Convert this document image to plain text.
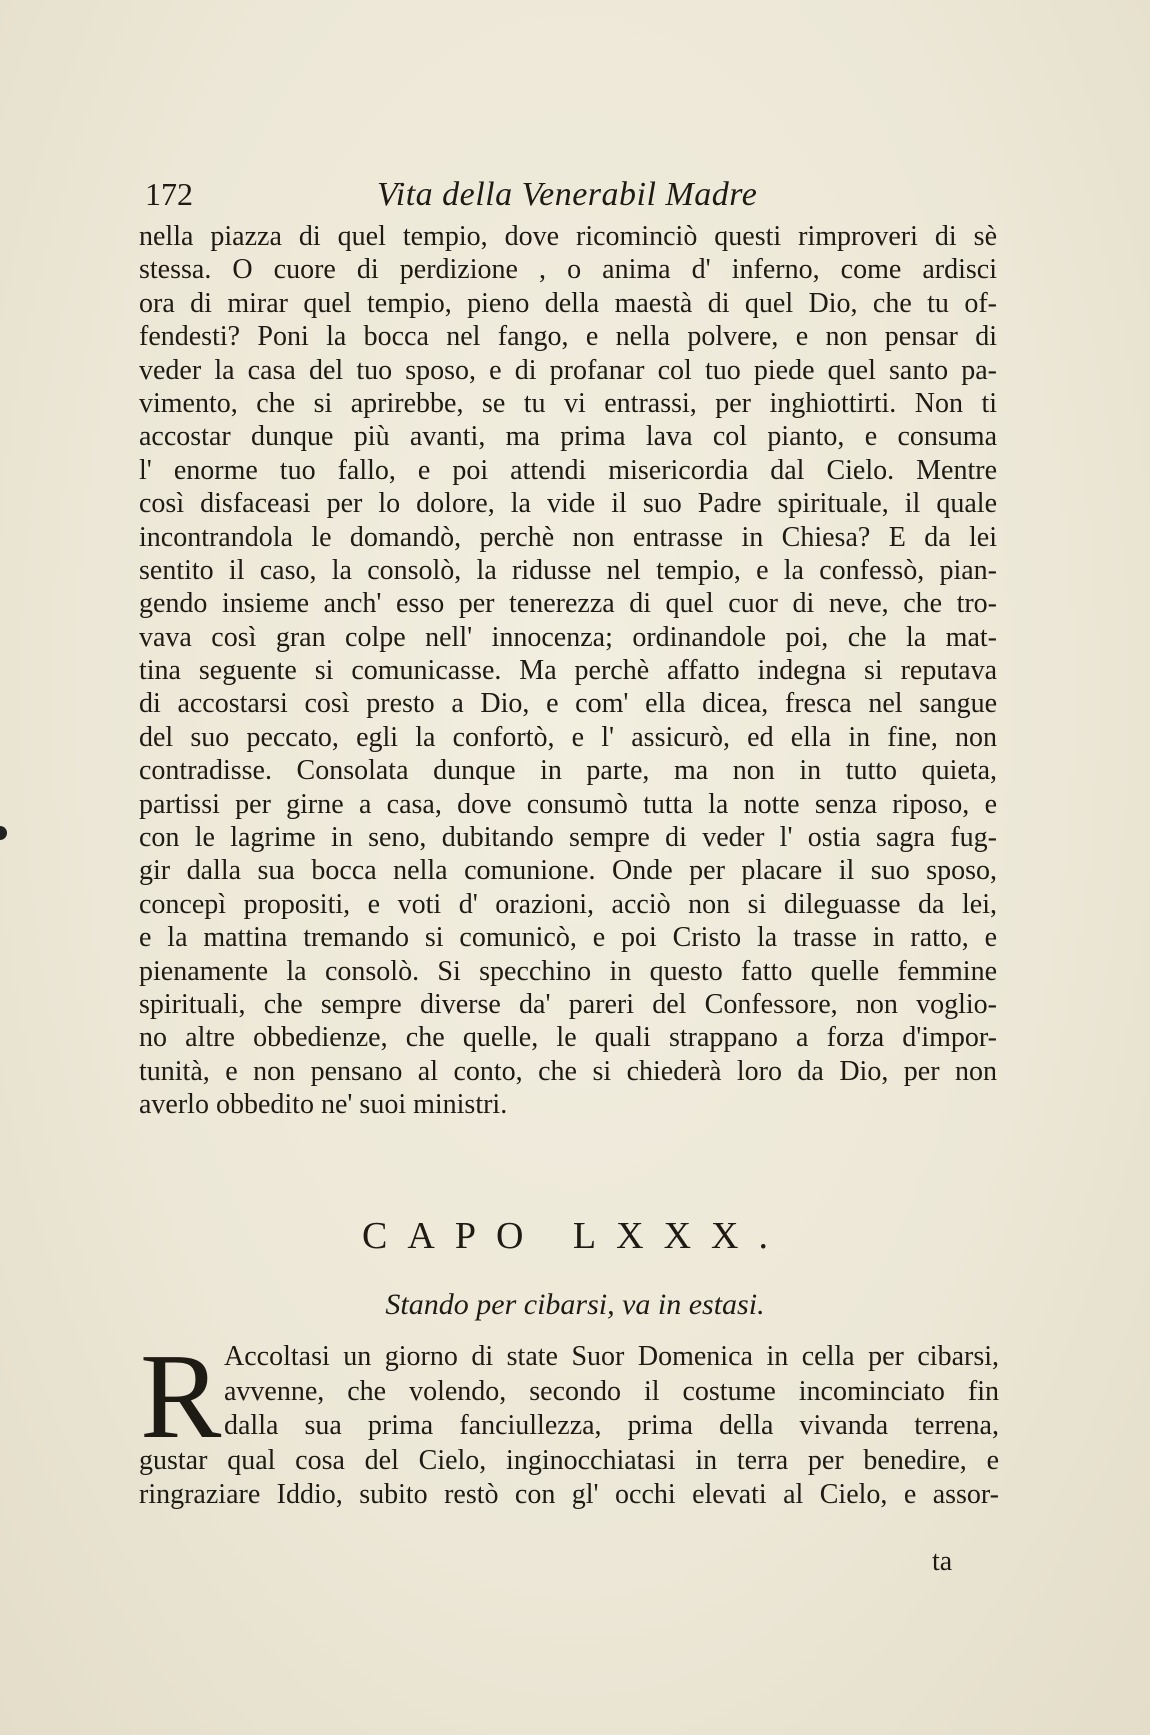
172	Vita della Venerabil Madre
nella piazza di quel tempio, dove ricominciò questi rimproveri di sè
stessa. O cuore di perdizione , o anima d' inferno, come ardisci
ora di mirar quel tempio, pieno della maestà di quel Dio, che tu of-
fendesti? Poni la bocca nel fango, e nella polvere, e non pensar di
veder la casa del tuo sposo, e di profanar col tuo piede quel santo pa-
vimento, che si aprirebbe, se tu vi entrassi, per inghiottirti. Non ti
accostar dunque più avanti, ma prima lava col pianto, e consuma
l' enorme tuo fallo, e poi attendi misericordia dal Cielo. Mentre
così disfaceasi per lo dolore, la vide il suo Padre spirituale, il quale
incontrandola le domandò, perchè non entrasse in Chiesa? E da lei
sentito il caso, la consolò, la ridusse nel tempio, e la confessò, pian-
gendo insieme anch' esso per tenerezza di quel cuor di neve, che tro-
vava così gran colpe nell' innocenza; ordinandole poi, che la mat-
tina seguente si comunicasse. Ma perchè affatto indegna si reputava
di accostarsi così presto a Dio, e com' ella dicea, fresca nel sangue
del suo peccato, egli la confortò, e l' assicurò, ed ella in fine, non
contradisse. Consolata dunque in parte, ma non in tutto quieta,
partissi per girne a casa, dove consumò tutta la notte senza riposo, e
con le lagrime in seno, dubitando sempre di veder l' ostia sagra fug-
gir dalla sua bocca nella comunione. Onde per placare il suo sposo,
concepì propositi, e voti d' orazioni, acciò non si dileguasse da lei,
e la mattina tremando si comunicò, e poi Cristo la trasse in ratto, e
pienamente la consolò. Si specchino in questo fatto quelle femmine
spirituali, che sempre diverse da' pareri del Confessore, non voglio-
no altre obbedienze, che quelle, le quali strappano a forza d'impor-
tunità, e non pensano al conto, che si chiederà loro da Dio, per non
averlo obbedito ne' suoi ministri.
CAPO LXXX.
Stando per cibarsi, va in estasi.
R Accoltasi un giorno di state Suor Domenica in cella per cibarsi,
avvenne, che volendo, secondo il costume incominciato fin
dalla sua prima fanciullezza, prima della vivanda terrena,
gustar qual cosa del Cielo, inginocchiatasi in terra per benedire, e
ringraziare Iddio, subito restò con gl' occhi elevati al Cielo, e assor-
ta
